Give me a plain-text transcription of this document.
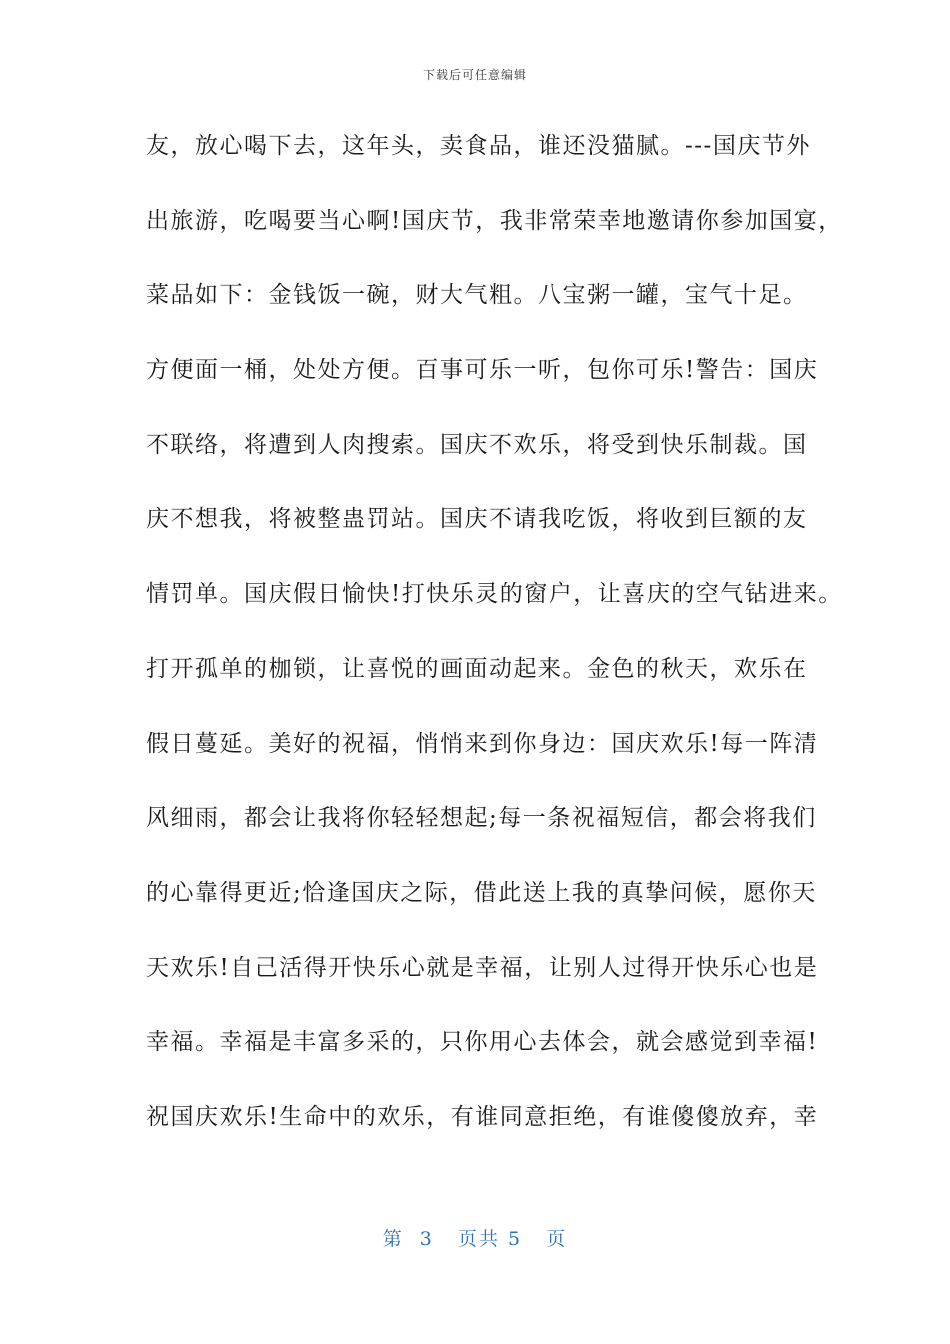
下载后可任意编辑
友，放心喝下去，这年头，卖食品，谁还没猫腻。---国庆节外
出旅游，吃喝要当心啊!国庆节，我非常荣幸地邀请你参加国宴，
菜品如下：金钱饭一碗，财大气粗。八宝粥一罐，宝气十足。
方便面一桶，处处方便。百事可乐一听，包你可乐!警告：国庆
不联络，将遭到人肉搜索。国庆不欢乐，将受到快乐制裁。国
庆不想我，将被整蛊罚站。国庆不请我吃饭，将收到巨额的友
情罚单。国庆假日愉快!打快乐灵的窗户，让喜庆的空气钻进来。
打开孤单的枷锁，让喜悦的画面动起来。金色的秋天，欢乐在
假日蔓延。美好的祝福，悄悄来到你身边：国庆欢乐!每一阵清
风细雨，都会让我将你轻轻想起;每一条祝福短信，都会将我们
的心靠得更近;恰逢国庆之际，借此送上我的真挚问候，愿你天
天欢乐!自己活得开快乐心就是幸福，让别人过得开快乐心也是
幸福。幸福是丰富多采的，只你用心去体会，就会感觉到幸福!
祝国庆欢乐!生命中的欢乐，有谁同意拒绝，有谁傻傻放弃，幸
第  3   页共 5   页
